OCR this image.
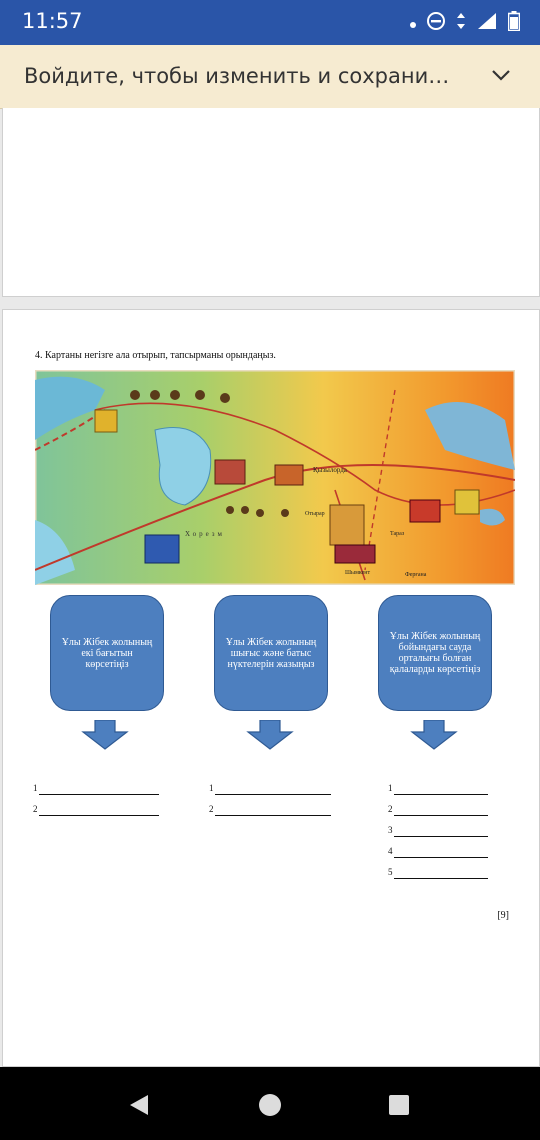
11:57
Войдите, чтобы изменить и сохрани…
4. Картаны негізге ала отырып, тапсырманы орындаңыз.
Қызылорда
Отырар
Тараз
Шымкент	Ферғана
Хорезм
Ұлы Жібек жолының екі бағытын көрсетіңіз
Ұлы Жібек жолының шығыс және батыс нүктелерін жазыңыз
Ұлы Жібек жолының бойындағы сауда орталығы болған қалаларды көрсетіңіз
1
2
1
2
1
2
3
4
5
[9]
